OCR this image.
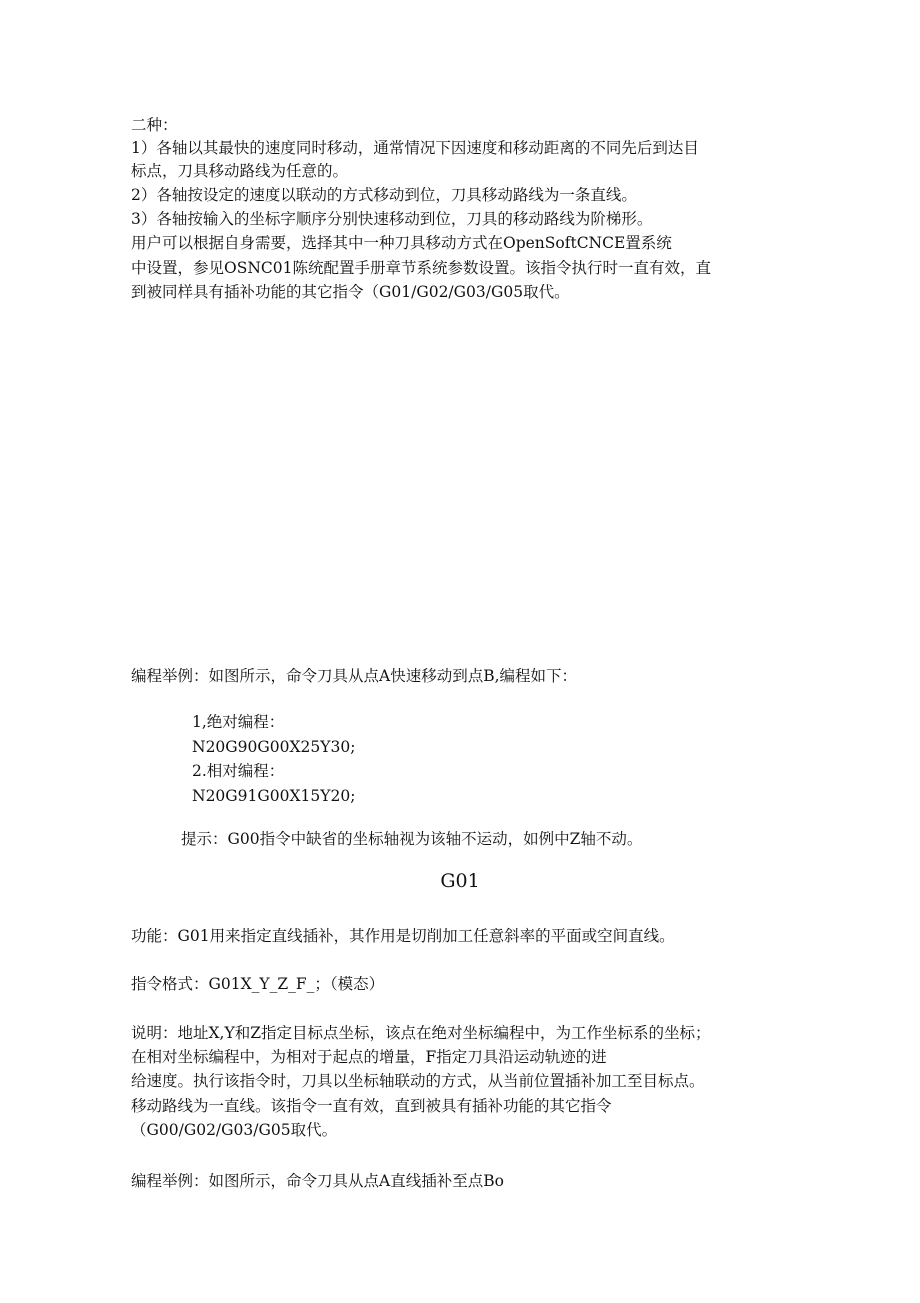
二种：
1）各轴以其最快的速度同时移动，通常情况下因速度和移动距离的不同先后到达目
标点，刀具移动路线为任意的。
2）各轴按设定的速度以联动的方式移动到位，刀具移动路线为一条直线。
3）各轴按输入的坐标字顺序分别快速移动到位，刀具的移动路线为阶梯形。
用户可以根据自身需要，选择其中一种刀具移动方式在OpenSoftCNCE置系统
中设置，参见OSNC01陈统配置手册章节系统参数设置。该指令执行时一直有效，直
到被同样具有插补功能的其它指令（G01/G02/G03/G05取代。
编程举例：如图所示，命令刀具从点A快速移动到点B,编程如下：
1,绝对编程：
N20G90G00X25Y30;
2.相对编程：
N20G91G00X15Y20;
提示：G00指令中缺省的坐标轴视为该轴不运动，如例中Z轴不动。
G01
功能：G01用来指定直线插补，其作用是切削加工任意斜率的平面或空间直线。
指令格式：G01X_Y_Z_F_；（模态）
说明：地址X,Y和Z指定目标点坐标，该点在绝对坐标编程中，为工作坐标系的坐标；
在相对坐标编程中，为相对于起点的增量，F指定刀具沿运动轨迹的进
给速度。执行该指令时，刀具以坐标轴联动的方式，从当前位置插补加工至目标点。
移动路线为一直线。该指令一直有效，直到被具有插补功能的其它指令
（G00/G02/G03/G05取代。
编程举例：如图所示，命令刀具从点A直线插补至点Bo
